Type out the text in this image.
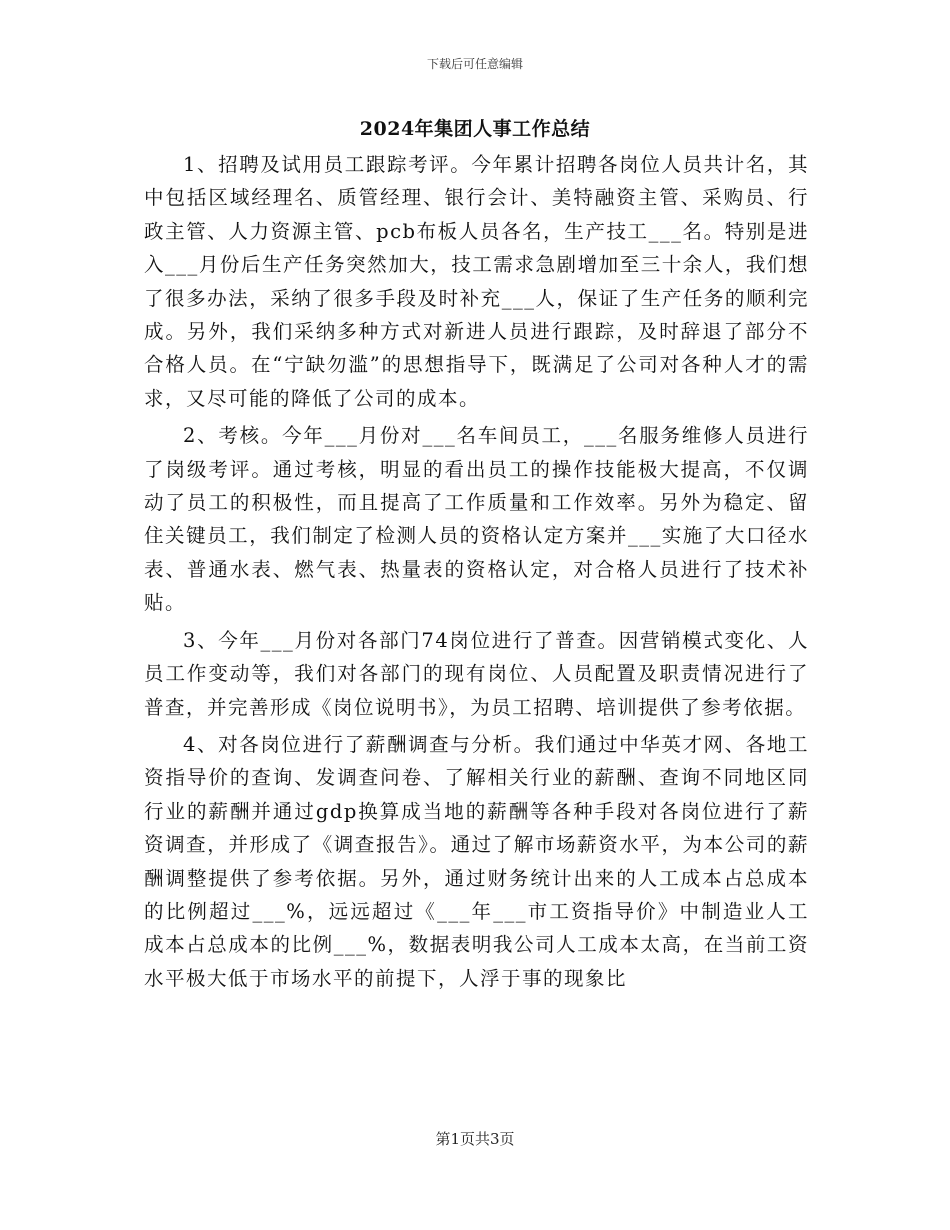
下载后可任意编辑
2024年集团人事工作总结

1、招聘及试用员工跟踪考评。今年累计招聘各岗位人员共计名，其中包括区域经理名、质管经理、银行会计、美特融资主管、采购员、行政主管、人力资源主管、pcb布板人员各名，生产技工___名。特别是进入___月份后生产任务突然加大，技工需求急剧增加至三十余人，我们想了很多办法，采纳了很多手段及时补充___人，保证了生产任务的顺利完成。另外，我们采纳多种方式对新进人员进行跟踪，及时辞退了部分不合格人员。在“宁缺勿滥”的思想指导下，既满足了公司对各种人才的需求，又尽可能的降低了公司的成本。

2、考核。今年___月份对___名车间员工，___名服务维修人员进行了岗级考评。通过考核，明显的看出员工的操作技能极大提高，不仅调动了员工的积极性，而且提高了工作质量和工作效率。另外为稳定、留住关键员工，我们制定了检测人员的资格认定方案并___实施了大口径水表、普通水表、燃气表、热量表的资格认定，对合格人员进行了技术补贴。

3、今年___月份对各部门74岗位进行了普查。因营销模式变化、人员工作变动等，我们对各部门的现有岗位、人员配置及职责情况进行了普查，并完善形成《岗位说明书》，为员工招聘、培训提供了参考依据。

4、对各岗位进行了薪酬调查与分析。我们通过中华英才网、各地工资指导价的查询、发调查问卷、了解相关行业的薪酬、查询不同地区同行业的薪酬并通过gdp换算成当地的薪酬等各种手段对各岗位进行了薪资调查，并形成了《调查报告》。通过了解市场薪资水平，为本公司的薪酬调整提供了参考依据。另外，通过财务统计出来的人工成本占总成本的比例超过___%，远远超过《___年___市工资指导价》中制造业人工成本占总成本的比例___%，数据表明我公司人工成本太高，在当前工资水平极大低于市场水平的前提下，人浮于事的现象比

第1页共3页
